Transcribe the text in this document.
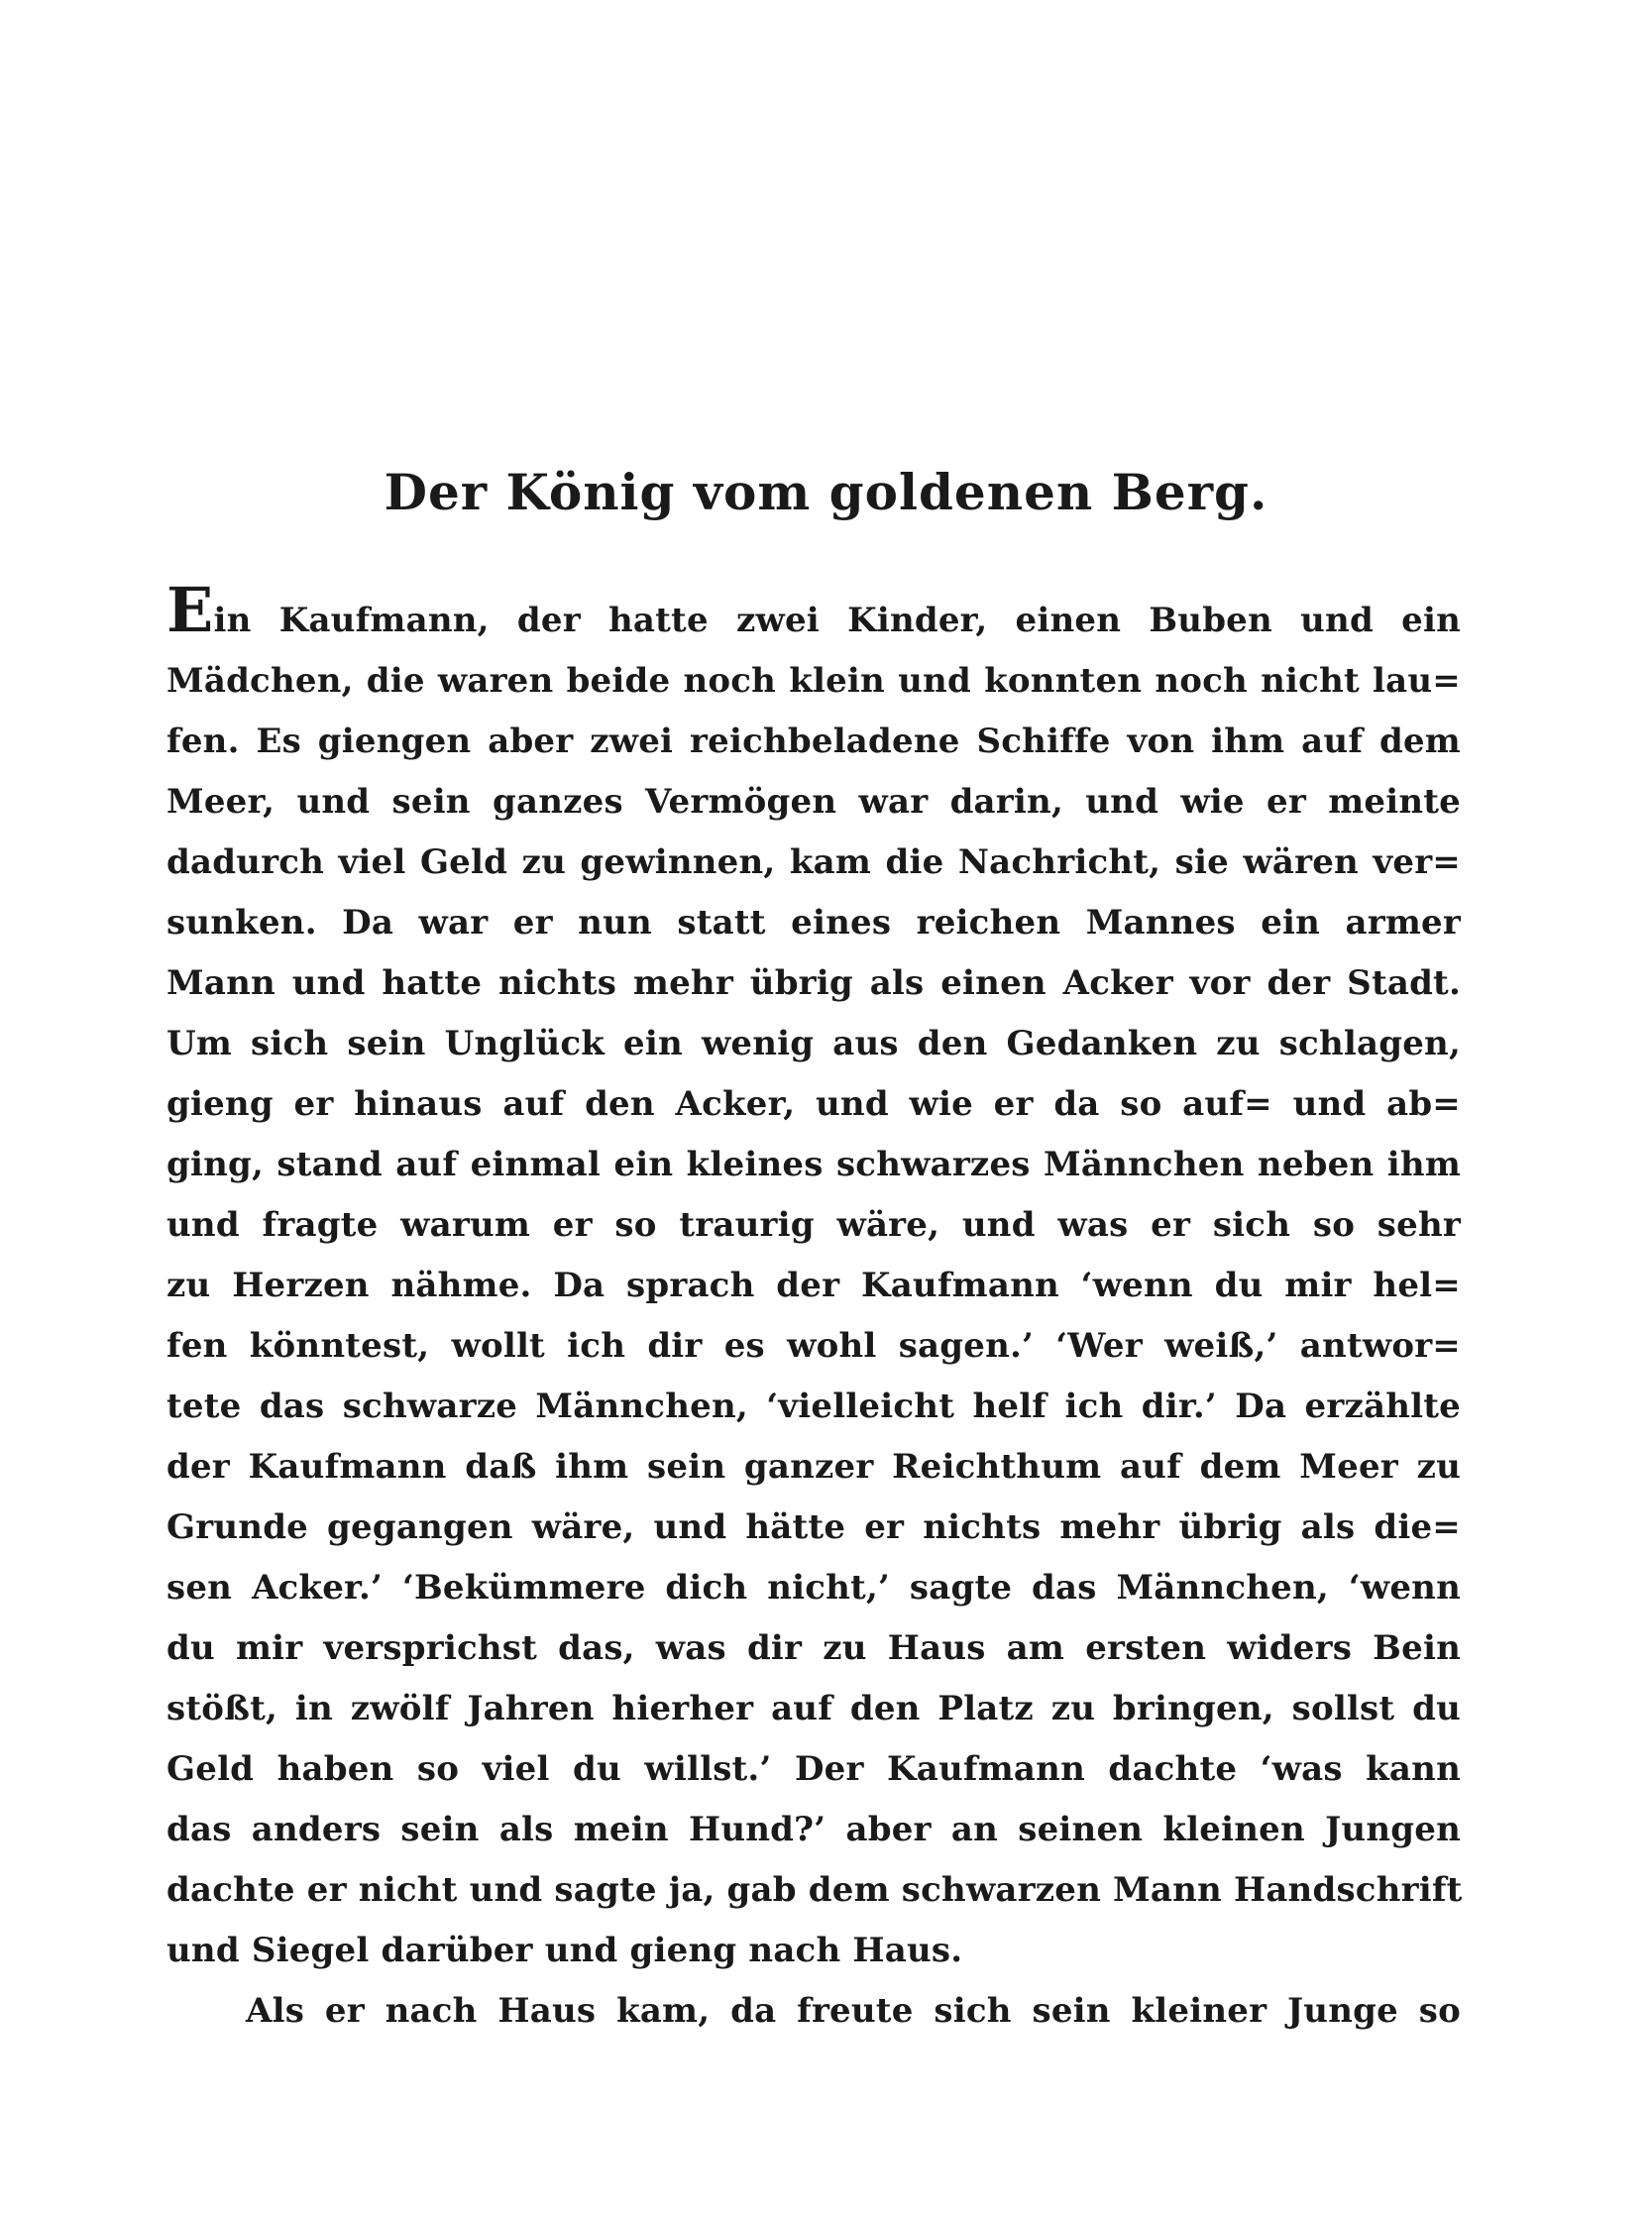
Der König vom goldenen Berg.
Ein Kaufmann, der hatte zwei Kinder, einen Buben und ein
Mädchen, die waren beide noch klein und konnten noch nicht lau=
fen. Es giengen aber zwei reichbeladene Schiffe von ihm auf dem
Meer, und sein ganzes Vermögen war darin, und wie er meinte
dadurch viel Geld zu gewinnen, kam die Nachricht, sie wären ver=
sunken. Da war er nun statt eines reichen Mannes ein armer
Mann und hatte nichts mehr übrig als einen Acker vor der Stadt.
Um sich sein Unglück ein wenig aus den Gedanken zu schlagen,
gieng er hinaus auf den Acker, und wie er da so auf= und ab=
ging, stand auf einmal ein kleines schwarzes Männchen neben ihm
und fragte warum er so traurig wäre, und was er sich so sehr
zu Herzen nähme. Da sprach der Kaufmann ‘wenn du mir hel=
fen könntest, wollt ich dir es wohl sagen.’ ‘Wer weiß,’ antwor=
tete das schwarze Männchen, ‘vielleicht helf ich dir.’ Da erzählte
der Kaufmann daß ihm sein ganzer Reichthum auf dem Meer zu
Grunde gegangen wäre, und hätte er nichts mehr übrig als die=
sen Acker.’ ‘Bekümmere dich nicht,’ sagte das Männchen, ‘wenn
du mir versprichst das, was dir zu Haus am ersten widers Bein
stößt, in zwölf Jahren hierher auf den Platz zu bringen, sollst du
Geld haben so viel du willst.’ Der Kaufmann dachte ‘was kann
das anders sein als mein Hund?’ aber an seinen kleinen Jungen
dachte er nicht und sagte ja, gab dem schwarzen Mann Handschrift
und Siegel darüber und gieng nach Haus.
Als er nach Haus kam, da freute sich sein kleiner Junge so
